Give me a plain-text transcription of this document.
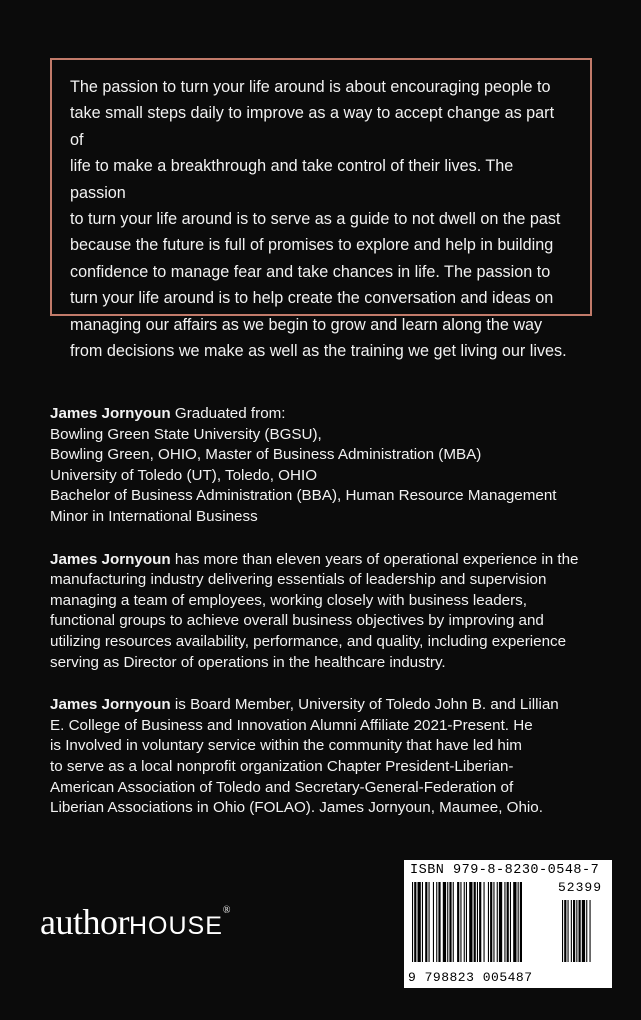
The passion to turn your life around is about encouraging people to
take small steps daily to improve as a way to accept change as part of
life to make a breakthrough and take control of their lives. The passion
to turn your life around is to serve as a guide to not dwell on the past
because the future is full of promises to explore and help in building
confidence to manage fear and take chances in life. The passion to
turn your life around is to help create the conversation and ideas on
managing our affairs as we begin to grow and learn along the way
from decisions we make as well as the training we get living our lives.

James Jornyoun Graduated from:
Bowling Green State University (BGSU),
Bowling Green, OHIO, Master of Business Administration (MBA)
University of Toledo (UT), Toledo, OHIO
Bachelor of Business Administration (BBA), Human Resource Management
Minor in International Business

James Jornyoun has more than eleven years of operational experience in the
manufacturing industry delivering essentials of leadership and supervision
managing a team of employees, working closely with business leaders,
functional groups to achieve overall business objectives by improving and
utilizing resources availability, performance, and quality, including experience
serving as Director of operations in the healthcare industry.

James Jornyoun is Board Member, University of Toledo John B. and Lillian
E. College of Business and Innovation Alumni Affiliate 2021-Present. He
is Involved in voluntary service within the community that have led him
to serve as a local nonprofit organization Chapter President-Liberian-
American Association of Toledo and Secretary-General-Federation of
Liberian Associations in Ohio (FOLAO). James Jornyoun, Maumee, Ohio.

authorHOUSE®
ISBN 979-8-8230-0548-7
52399
9 798823 005487
